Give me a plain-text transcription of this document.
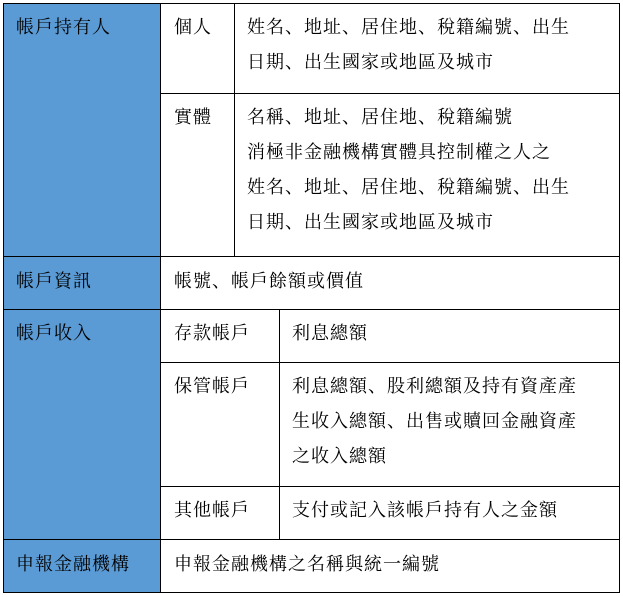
帳戶持有人
帳戶資訊
帳戶收入
申報金融機構
個人 姓名、地址、居住地、稅籍編號、出生
日期、出生國家或地區及城市
實體 名稱、地址、居住地、稅籍編號
消極非金融機構實體具控制權之人之
姓名、地址、居住地、稅籍編號、出生
日期、出生國家或地區及城市
帳號、帳戶餘額或價值
存款帳戶 利息總額
保管帳戶 利息總額、股利總額及持有資產產
生收入總額、出售或贖回金融資產
之收入總額
其他帳戶 支付或記入該帳戶持有人之金額
申報金融機構之名稱與統一編號
